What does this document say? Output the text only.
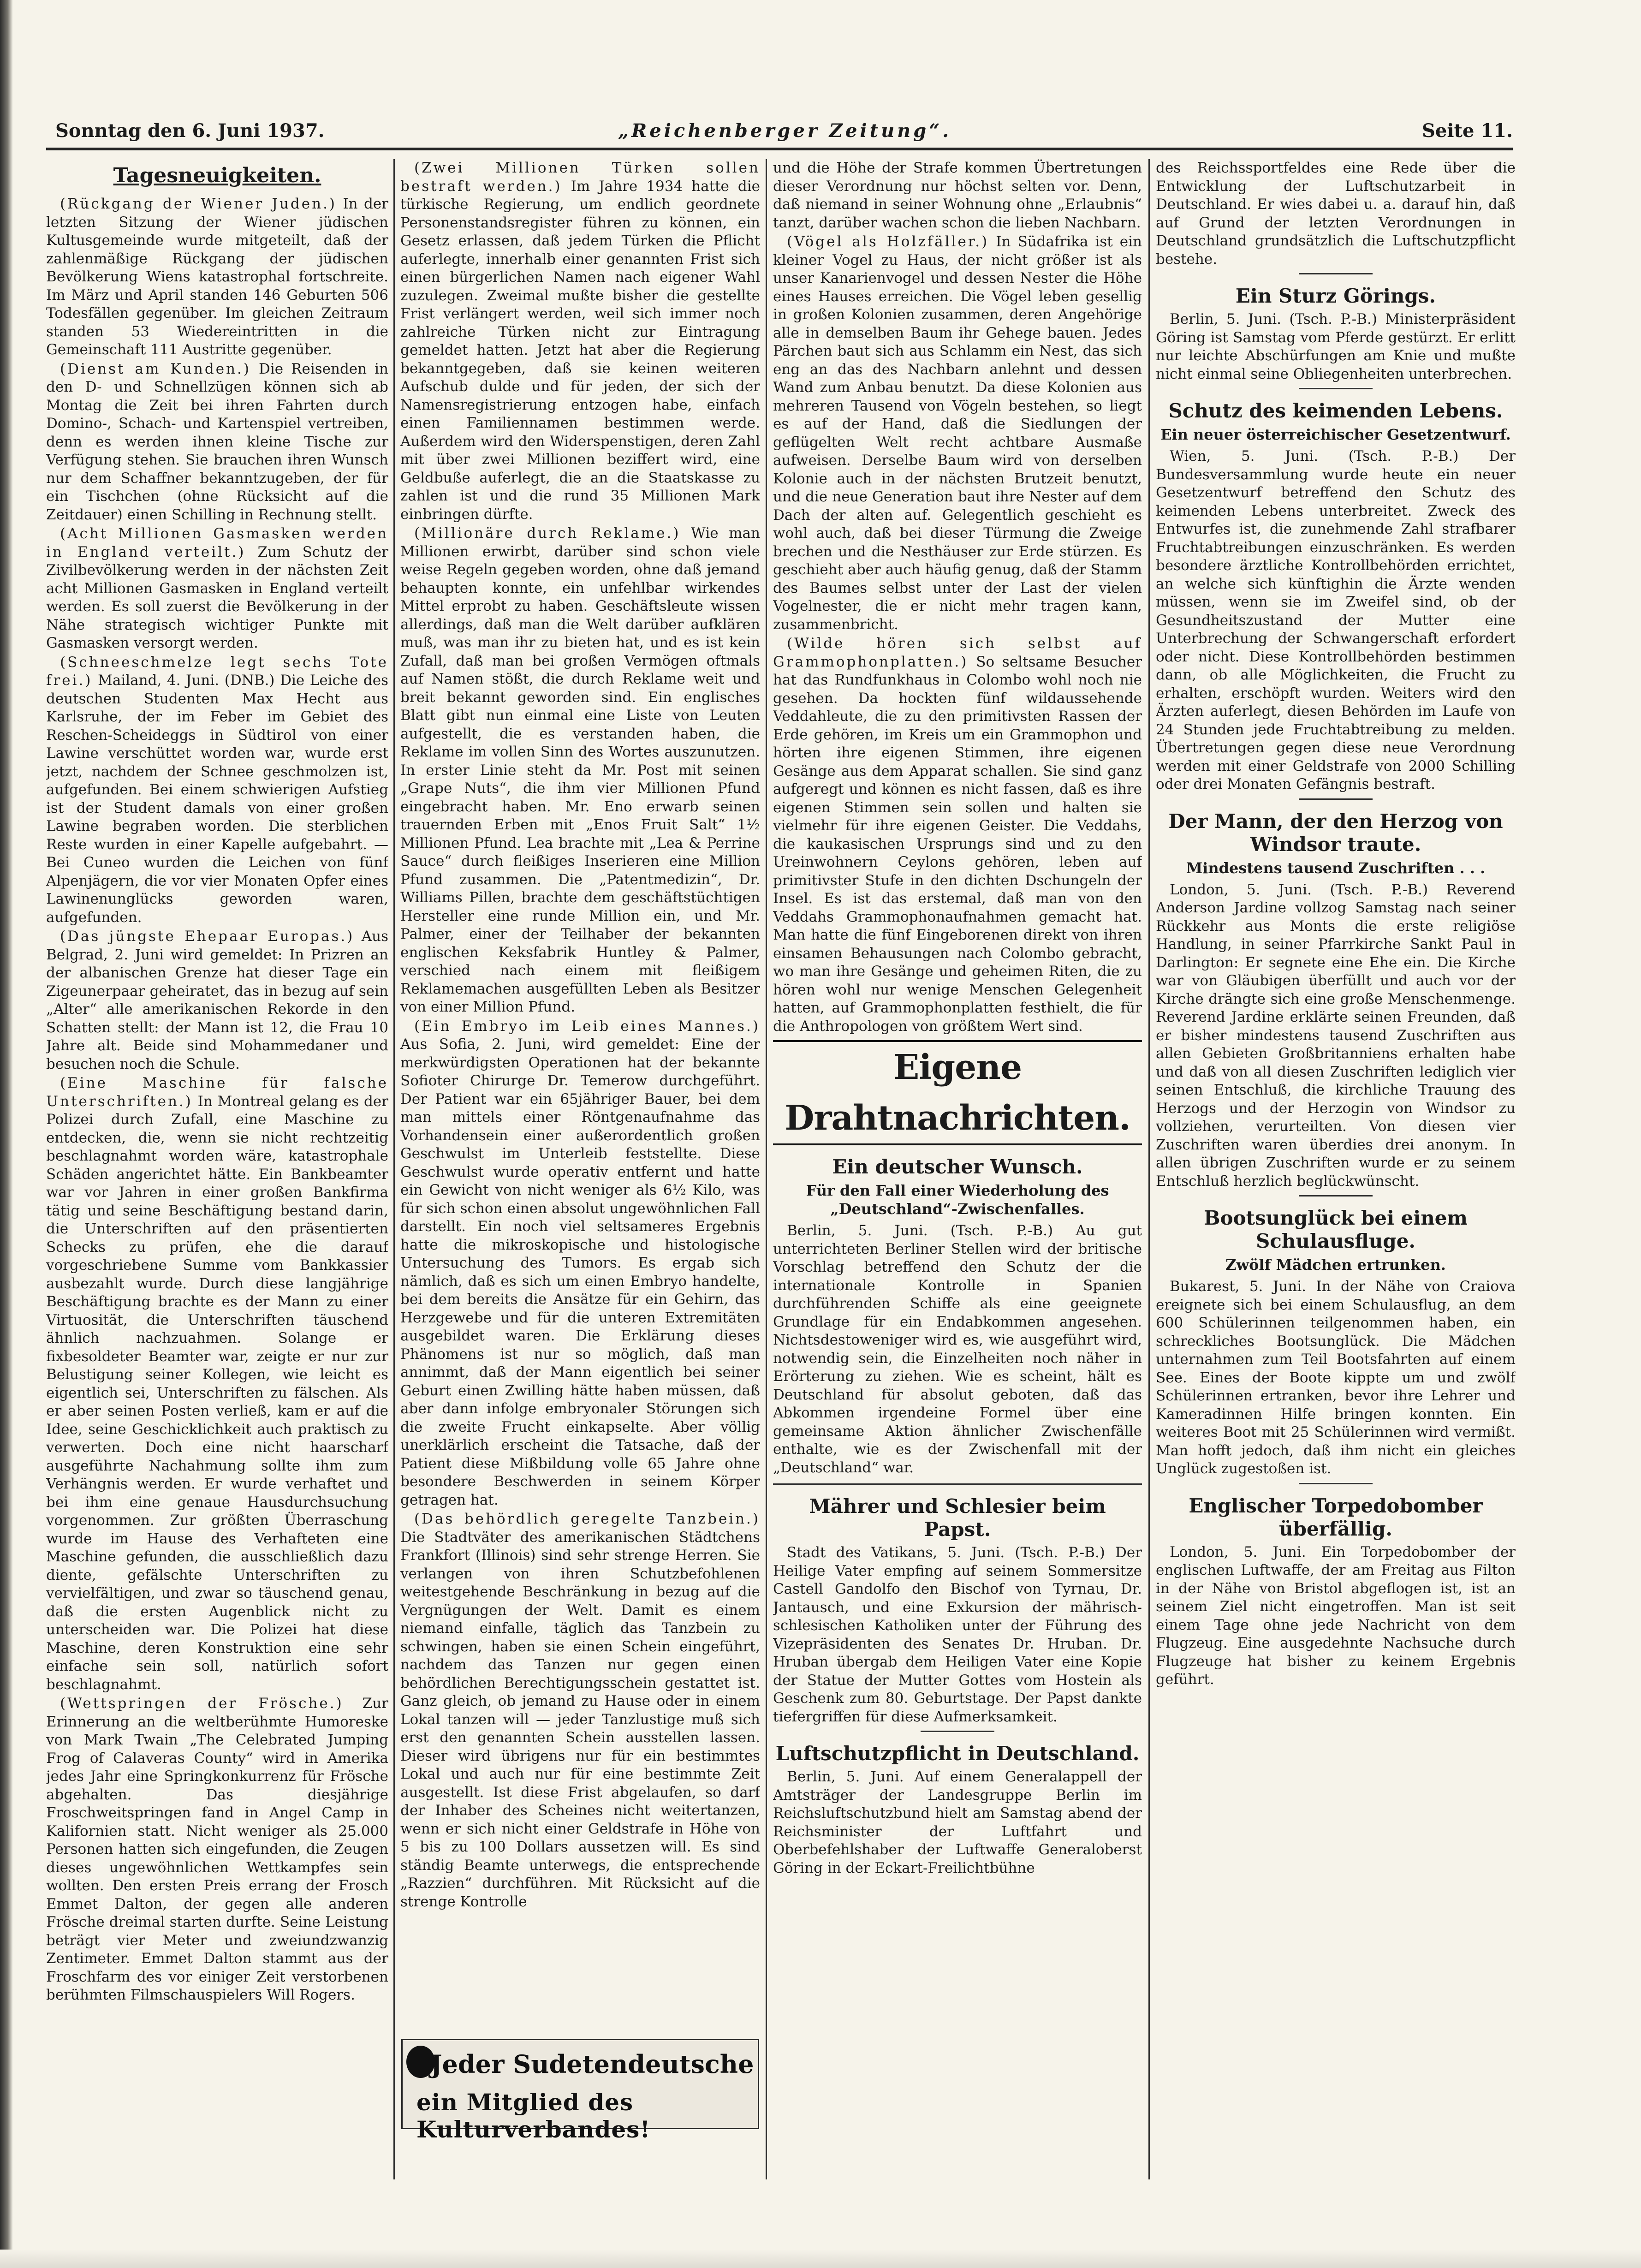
Sonntag den 6. Juni 1937.	„Reichenberger Zeitung“.	Seite 11.
Tagesneuigkeiten.

(Rückgang der Wiener Juden.) In der letzten Sitzung der Wiener jüdischen Kultusgemeinde wurde mitgeteilt, daß der zahlenmäßige Rückgang der jüdischen Bevölkerung Wiens katastrophal fortschreite. Im März und April standen 146 Geburten 506 Todesfällen gegenüber. Im gleichen Zeitraum standen 53 Wiedereintritten in die Gemeinschaft 111 Austritte gegenüber.

(Dienst am Kunden.) Die Reisenden in den D- und Schnellzügen können sich ab Montag die Zeit bei ihren Fahrten durch Domino-, Schach- und Kartenspiel vertreiben, denn es werden ihnen kleine Tische zur Verfügung stehen. Sie brauchen ihren Wunsch nur dem Schaffner bekanntzugeben, der für ein Tischchen (ohne Rücksicht auf die Zeitdauer) einen Schilling in Rechnung stellt.

(Acht Millionen Gasmasken werden in England verteilt.) Zum Schutz der Zivilbevölkerung werden in der nächsten Zeit acht Millionen Gasmasken in England verteilt werden. Es soll zuerst die Bevölkerung in der Nähe strategisch wichtiger Punkte mit Gasmasken versorgt werden.

(Schneeschmelze legt sechs Tote frei.) Mailand, 4. Juni. (DNB.) Die Leiche des deutschen Studenten Max Hecht aus Karlsruhe, der im Feber im Gebiet des Reschen-Scheideggs in Südtirol von einer Lawine verschüttet worden war, wurde erst jetzt, nachdem der Schnee geschmolzen ist, aufgefunden. Bei einem schwierigen Aufstieg ist der Student damals von einer großen Lawine begraben worden. Die sterblichen Reste wurden in einer Kapelle aufgebahrt. — Bei Cuneo wurden die Leichen von fünf Alpenjägern, die vor vier Monaten Opfer eines Lawinenunglücks geworden waren, aufgefunden.

(Das jüngste Ehepaar Europas.) Aus Belgrad, 2. Juni wird gemeldet: In Prizren an der albanischen Grenze hat dieser Tage ein Zigeunerpaar geheiratet, das in bezug auf sein „Alter“ alle amerikanischen Rekorde in den Schatten stellt: der Mann ist 12, die Frau 10 Jahre alt. Beide sind Mohammedaner und besuchen noch die Schule.

(Eine Maschine für falsche Unterschriften.) In Montreal gelang es der Polizei durch Zufall, eine Maschine zu entdecken, die, wenn sie nicht rechtzeitig beschlagnahmt worden wäre, katastrophale Schäden angerichtet hätte. Ein Bankbeamter war vor Jahren in einer großen Bankfirma tätig und seine Beschäftigung bestand darin, die Unterschriften auf den präsentierten Schecks zu prüfen, ehe die darauf vorgeschriebene Summe vom Bankkassier ausbezahlt wurde. Durch diese langjährige Beschäftigung brachte es der Mann zu einer Virtuosität, die Unterschriften täuschend ähnlich nachzuahmen. Solange er fixbesoldeter Beamter war, zeigte er nur zur Belustigung seiner Kollegen, wie leicht es eigentlich sei, Unterschriften zu fälschen. Als er aber seinen Posten verließ, kam er auf die Idee, seine Geschicklichkeit auch praktisch zu verwerten. Doch eine nicht haarscharf ausgeführte Nachahmung sollte ihm zum Verhängnis werden. Er wurde verhaftet und bei ihm eine genaue Hausdurchsuchung vorgenommen. Zur größten Überraschung wurde im Hause des Verhafteten eine Maschine gefunden, die ausschließlich dazu diente, gefälschte Unterschriften zu vervielfältigen, und zwar so täuschend genau, daß die ersten Augenblick nicht zu unterscheiden war. Die Polizei hat diese Maschine, deren Konstruktion eine sehr einfache sein soll, natürlich sofort beschlagnahmt.

(Wettspringen der Frösche.) Zur Erinnerung an die weltberühmte Humoreske von Mark Twain „The Celebrated Jumping Frog of Calaveras County“ wird in Amerika jedes Jahr eine Springkonkurrenz für Frösche abgehalten. Das diesjährige Froschweitspringen fand in Angel Camp in Kalifornien statt. Nicht weniger als 25.000 Personen hatten sich eingefunden, die Zeugen dieses ungewöhnlichen Wettkampfes sein wollten. Den ersten Preis errang der Frosch Emmet Dalton, der gegen alle anderen Frösche dreimal starten durfte. Seine Leistung beträgt vier Meter und zweiundzwanzig Zentimeter. Emmet Dalton stammt aus der Froschfarm des vor einiger Zeit verstorbenen berühmten Filmschauspielers Will Rogers.

(Zwei Millionen Türken sollen bestraft werden.) Im Jahre 1934 hatte die türkische Regierung, um endlich geordnete Personenstandsregister führen zu können, ein Gesetz erlassen, daß jedem Türken die Pflicht auferlegte, innerhalb einer genannten Frist sich einen bürgerlichen Namen nach eigener Wahl zuzulegen. Zweimal mußte bisher die gestellte Frist verlängert werden, weil sich immer noch zahlreiche Türken nicht zur Eintragung gemeldet hatten. Jetzt hat aber die Regierung bekanntgegeben, daß sie keinen weiteren Aufschub dulde und für jeden, der sich der Namensregistrierung entzogen habe, einfach einen Familiennamen bestimmen werde. Außerdem wird den Widerspenstigen, deren Zahl mit über zwei Millionen beziffert wird, eine Geldbuße auferlegt, die an die Staatskasse zu zahlen ist und die rund 35 Millionen Mark einbringen dürfte.

(Millionäre durch Reklame.) Wie man Millionen erwirbt, darüber sind schon viele weise Regeln gegeben worden, ohne daß jemand behaupten konnte, ein unfehlbar wirkendes Mittel erprobt zu haben. Geschäftsleute wissen allerdings, daß man die Welt darüber aufklären muß, was man ihr zu bieten hat, und es ist kein Zufall, daß man bei großen Vermögen oftmals auf Namen stößt, die durch Reklame weit und breit bekannt geworden sind. Ein englisches Blatt gibt nun einmal eine Liste von Leuten aufgestellt, die es verstanden haben, die Reklame im vollen Sinn des Wortes auszunutzen. In erster Linie steht da Mr. Post mit seinen „Grape Nuts“, die ihm vier Millionen Pfund eingebracht haben. Mr. Eno erwarb seinen trauernden Erben mit „Enos Fruit Salt“ 1½ Millionen Pfund. Lea brachte mit „Lea & Perrine Sauce“ durch fleißiges Inserieren eine Million Pfund zusammen. Die „Patentmedizin“, Dr. Williams Pillen, brachte dem geschäftstüchtigen Hersteller eine runde Million ein, und Mr. Palmer, einer der Teilhaber der bekannten englischen Keksfabrik Huntley & Palmer, verschied nach einem mit fleißigem Reklamemachen ausgefüllten Leben als Besitzer von einer Million Pfund.

(Ein Embryo im Leib eines Mannes.) Aus Sofia, 2. Juni, wird gemeldet: Eine der merkwürdigsten Operationen hat der bekannte Sofioter Chirurge Dr. Temerow durchgeführt. Der Patient war ein 65jähriger Bauer, bei dem man mittels einer Röntgenaufnahme das Vorhandensein einer außerordentlich großen Geschwulst im Unterleib feststellte. Diese Geschwulst wurde operativ entfernt und hatte ein Gewicht von nicht weniger als 6½ Kilo, was für sich schon einen absolut ungewöhnlichen Fall darstellt. Ein noch viel seltsameres Ergebnis hatte die mikroskopische und histologische Untersuchung des Tumors. Es ergab sich nämlich, daß es sich um einen Embryo handelte, bei dem bereits die Ansätze für ein Gehirn, das Herzgewebe und für die unteren Extremitäten ausgebildet waren. Die Erklärung dieses Phänomens ist nur so möglich, daß man annimmt, daß der Mann eigentlich bei seiner Geburt einen Zwilling hätte haben müssen, daß aber dann infolge embryonaler Störungen sich die zweite Frucht einkapselte. Aber völlig unerklärlich erscheint die Tatsache, daß der Patient diese Mißbildung volle 65 Jahre ohne besondere Beschwerden in seinem Körper getragen hat.

(Das behördlich geregelte Tanzbein.) Die Stadtväter des amerikanischen Städtchens Frankfort (Illinois) sind sehr strenge Herren. Sie verlangen von ihren Schutzbefohlenen weitestgehende Beschränkung in bezug auf die Vergnügungen der Welt. Damit es einem niemand einfalle, täglich das Tanzbein zu schwingen, haben sie einen Schein eingeführt, nachdem das Tanzen nur gegen einen behördlichen Berechtigungsschein gestattet ist. Ganz gleich, ob jemand zu Hause oder in einem Lokal tanzen will — jeder Tanzlustige muß sich erst den genannten Schein ausstellen lassen. Dieser wird übrigens nur für ein bestimmtes Lokal und auch nur für eine bestimmte Zeit ausgestellt. Ist diese Frist abgelaufen, so darf der Inhaber des Scheines nicht weitertanzen, wenn er sich nicht einer Geldstrafe in Höhe von 5 bis zu 100 Dollars aussetzen will. Es sind ständig Beamte unterwegs, die entsprechende „Razzien“ durchführen. Mit Rücksicht auf die strenge Kontrolle

und die Höhe der Strafe kommen Übertretungen dieser Verordnung nur höchst selten vor. Denn, daß niemand in seiner Wohnung ohne „Erlaubnis“ tanzt, darüber wachen schon die lieben Nachbarn.

(Vögel als Holzfäller.) In Südafrika ist ein kleiner Vogel zu Haus, der nicht größer ist als unser Kanarienvogel und dessen Nester die Höhe eines Hauses erreichen. Die Vögel leben gesellig in großen Kolonien zusammen, deren Angehörige alle in demselben Baum ihr Gehege bauen. Jedes Pärchen baut sich aus Schlamm ein Nest, das sich eng an das des Nachbarn anlehnt und dessen Wand zum Anbau benutzt. Da diese Kolonien aus mehreren Tausend von Vögeln bestehen, so liegt es auf der Hand, daß die Siedlungen der geflügelten Welt recht achtbare Ausmaße aufweisen. Derselbe Baum wird von derselben Kolonie auch in der nächsten Brutzeit benutzt, und die neue Generation baut ihre Nester auf dem Dach der alten auf. Gelegentlich geschieht es wohl auch, daß bei dieser Türmung die Zweige brechen und die Nesthäuser zur Erde stürzen. Es geschieht aber auch häufig genug, daß der Stamm des Baumes selbst unter der Last der vielen Vogelnester, die er nicht mehr tragen kann, zusammenbricht.

(Wilde hören sich selbst auf Grammophonplatten.) So seltsame Besucher hat das Rundfunkhaus in Colombo wohl noch nie gesehen. Da hockten fünf wildaussehende Veddahleute, die zu den primitivsten Rassen der Erde gehören, im Kreis um ein Grammophon und hörten ihre eigenen Stimmen, ihre eigenen Gesänge aus dem Apparat schallen. Sie sind ganz aufgeregt und können es nicht fassen, daß es ihre eigenen Stimmen sein sollen und halten sie vielmehr für ihre eigenen Geister. Die Veddahs, die kaukasischen Ursprungs sind und zu den Ureinwohnern Ceylons gehören, leben auf primitivster Stufe in den dichten Dschungeln der Insel. Es ist das erstemal, daß man von den Veddahs Grammophonaufnahmen gemacht hat. Man hatte die fünf Eingeborenen direkt von ihren einsamen Behausungen nach Colombo gebracht, wo man ihre Gesänge und geheimen Riten, die zu hören wohl nur wenige Menschen Gelegenheit hatten, auf Grammophonplatten festhielt, die für die Anthropologen von größtem Wert sind.

Eigene Drahtnachrichten.
Ein deutscher Wunsch.
Für den Fall einer Wiederholung des „Deutschland“-Zwischenfalles.

Berlin, 5. Juni. (Tsch. P.-B.) Au gut unterrichteten Berliner Stellen wird der britische Vorschlag betreffend den Schutz der die internationale Kontrolle in Spanien durchführenden Schiffe als eine geeignete Grundlage für ein Endabkommen angesehen. Nichtsdestoweniger wird es, wie ausgeführt wird, notwendig sein, die Einzelheiten noch näher in Erörterung zu ziehen. Wie es scheint, hält es Deutschland für absolut geboten, daß das Abkommen irgendeine Formel über eine gemeinsame Aktion ähnlicher Zwischenfälle enthalte, wie es der Zwischenfall mit der „Deutschland“ war.

Mährer und Schlesier beim Papst.

Stadt des Vatikans, 5. Juni. (Tsch. P.-B.) Der Heilige Vater empfing auf seinem Sommersitze Castell Gandolfo den Bischof von Tyrnau, Dr. Jantausch, und eine Exkursion der mährisch-schlesischen Katholiken unter der Führung des Vizepräsidenten des Senates Dr. Hruban. Dr. Hruban übergab dem Heiligen Vater eine Kopie der Statue der Mutter Gottes vom Hostein als Geschenk zum 80. Geburtstage. Der Papst dankte tiefergriffen für diese Aufmerksamkeit.

Luftschutzpflicht in Deutschland.

Berlin, 5. Juni. Auf einem Generalappell der Amtsträger der Landesgruppe Berlin im Reichsluftschutzbund hielt am Samstag abend der Reichsminister der Luftfahrt und Oberbefehlshaber der Luftwaffe Generaloberst Göring in der Eckart-Freilichtbühne

des Reichssportfeldes eine Rede über die Entwicklung der Luftschutzarbeit in Deutschland. Er wies dabei u. a. darauf hin, daß auf Grund der letzten Verordnungen in Deutschland grundsätzlich die Luftschutzpflicht bestehe.

Ein Sturz Görings.

Berlin, 5. Juni. (Tsch. P.-B.) Ministerpräsident Göring ist Samstag vom Pferde gestürzt. Er erlitt nur leichte Abschürfungen am Knie und mußte nicht einmal seine Obliegenheiten unterbrechen.

Schutz des keimenden Lebens.
Ein neuer österreichischer Gesetzentwurf.

Wien, 5. Juni. (Tsch. P.-B.) Der Bundesversammlung wurde heute ein neuer Gesetzentwurf betreffend den Schutz des keimenden Lebens unterbreitet. Zweck des Entwurfes ist, die zunehmende Zahl strafbarer Fruchtabtreibungen einzuschränken. Es werden besondere ärztliche Kontrollbehörden errichtet, an welche sich künftighin die Ärzte wenden müssen, wenn sie im Zweifel sind, ob der Gesundheitszustand der Mutter eine Unterbrechung der Schwangerschaft erfordert oder nicht. Diese Kontrollbehörden bestimmen dann, ob alle Möglichkeiten, die Frucht zu erhalten, erschöpft wurden. Weiters wird den Ärzten auferlegt, diesen Behörden im Laufe von 24 Stunden jede Fruchtabtreibung zu melden. Übertretungen gegen diese neue Verordnung werden mit einer Geldstrafe von 2000 Schilling oder drei Monaten Gefängnis bestraft.

Der Mann, der den Herzog von Windsor traute.
Mindestens tausend Zuschriften . . .

London, 5. Juni. (Tsch. P.-B.) Reverend Anderson Jardine vollzog Samstag nach seiner Rückkehr aus Monts die erste religiöse Handlung, in seiner Pfarrkirche Sankt Paul in Darlington: Er segnete eine Ehe ein. Die Kirche war von Gläubigen überfüllt und auch vor der Kirche drängte sich eine große Menschenmenge. Reverend Jardine erklärte seinen Freunden, daß er bisher mindestens tausend Zuschriften aus allen Gebieten Großbritanniens erhalten habe und daß von all diesen Zuschriften lediglich vier seinen Entschluß, die kirchliche Trauung des Herzogs und der Herzogin von Windsor zu vollziehen, verurteilten. Von diesen vier Zuschriften waren überdies drei anonym. In allen übrigen Zuschriften wurde er zu seinem Entschluß herzlich beglückwünscht.

Bootsunglück bei einem Schulausfluge.
Zwölf Mädchen ertrunken.

Bukarest, 5. Juni. In der Nähe von Craiova ereignete sich bei einem Schulausflug, an dem 600 Schülerinnen teilgenommen haben, ein schreckliches Bootsunglück. Die Mädchen unternahmen zum Teil Bootsfahrten auf einem See. Eines der Boote kippte um und zwölf Schülerinnen ertranken, bevor ihre Lehrer und Kameradinnen Hilfe bringen konnten. Ein weiteres Boot mit 25 Schülerinnen wird vermißt. Man hofft jedoch, daß ihm nicht ein gleiches Unglück zugestoßen ist.

Englischer Torpedobomber überfällig.

London, 5. Juni. Ein Torpedobomber der englischen Luftwaffe, der am Freitag aus Filton in der Nähe von Bristol abgeflogen ist, ist an seinem Ziel nicht eingetroffen. Man ist seit einem Tage ohne jede Nachricht von dem Flugzeug. Eine ausgedehnte Nachsuche durch Flugzeuge hat bisher zu keinem Ergebnis geführt.

Jeder Sudetendeutsche
ein Mitglied des Kulturverbandes!
